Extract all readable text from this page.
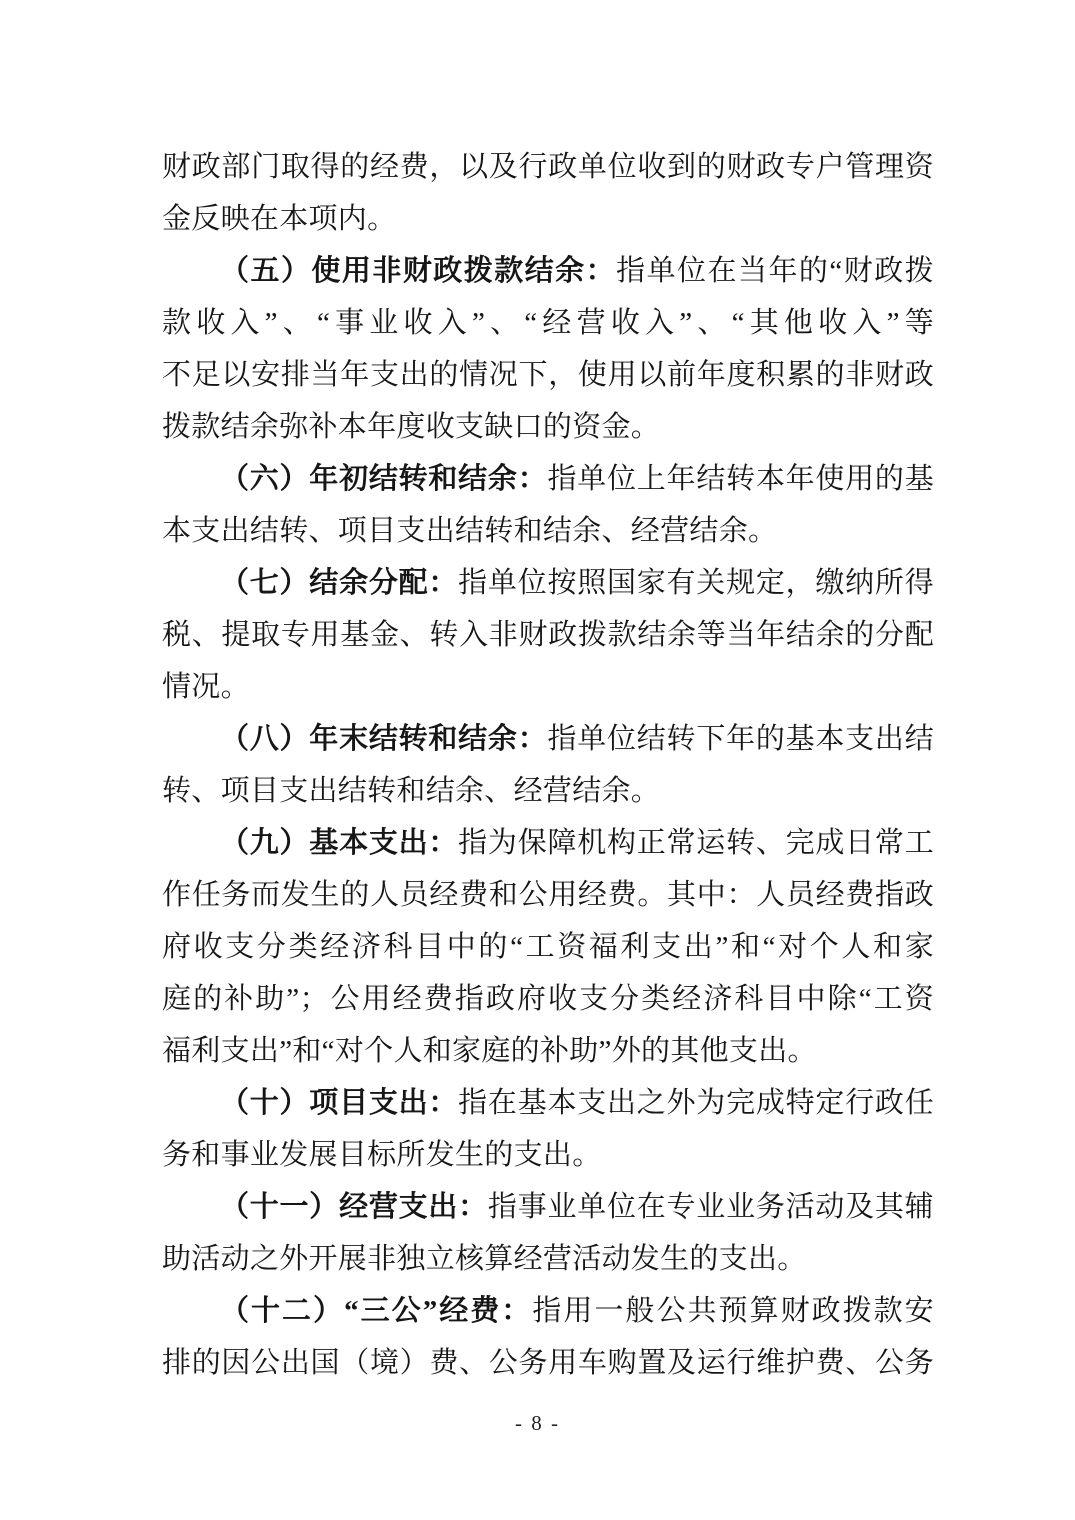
财政部门取得的经费，以及行政单位收到的财政专户管理资
金反映在本项内。
（五）使用非财政拨款结余：指单位在当年的“财政拨
款收入”、“事业收入”、“经营收入”、“其他收入”等
不足以安排当年支出的情况下，使用以前年度积累的非财政
拨款结余弥补本年度收支缺口的资金。
（六）年初结转和结余：指单位上年结转本年使用的基
本支出结转、项目支出结转和结余、经营结余。
（七）结余分配：指单位按照国家有关规定，缴纳所得
税、提取专用基金、转入非财政拨款结余等当年结余的分配
情况。
（八）年末结转和结余：指单位结转下年的基本支出结
转、项目支出结转和结余、经营结余。
（九）基本支出：指为保障机构正常运转、完成日常工
作任务而发生的人员经费和公用经费。其中：人员经费指政
府收支分类经济科目中的“工资福利支出”和“对个人和家
庭的补助”；公用经费指政府收支分类经济科目中除“工资
福利支出”和“对个人和家庭的补助”外的其他支出。
（十）项目支出：指在基本支出之外为完成特定行政任
务和事业发展目标所发生的支出。
（十一）经营支出：指事业单位在专业业务活动及其辅
助活动之外开展非独立核算经营活动发生的支出。
（十二）“三公”经费：指用一般公共预算财政拨款安
排的因公出国（境）费、公务用车购置及运行维护费、公务
- 8 -
